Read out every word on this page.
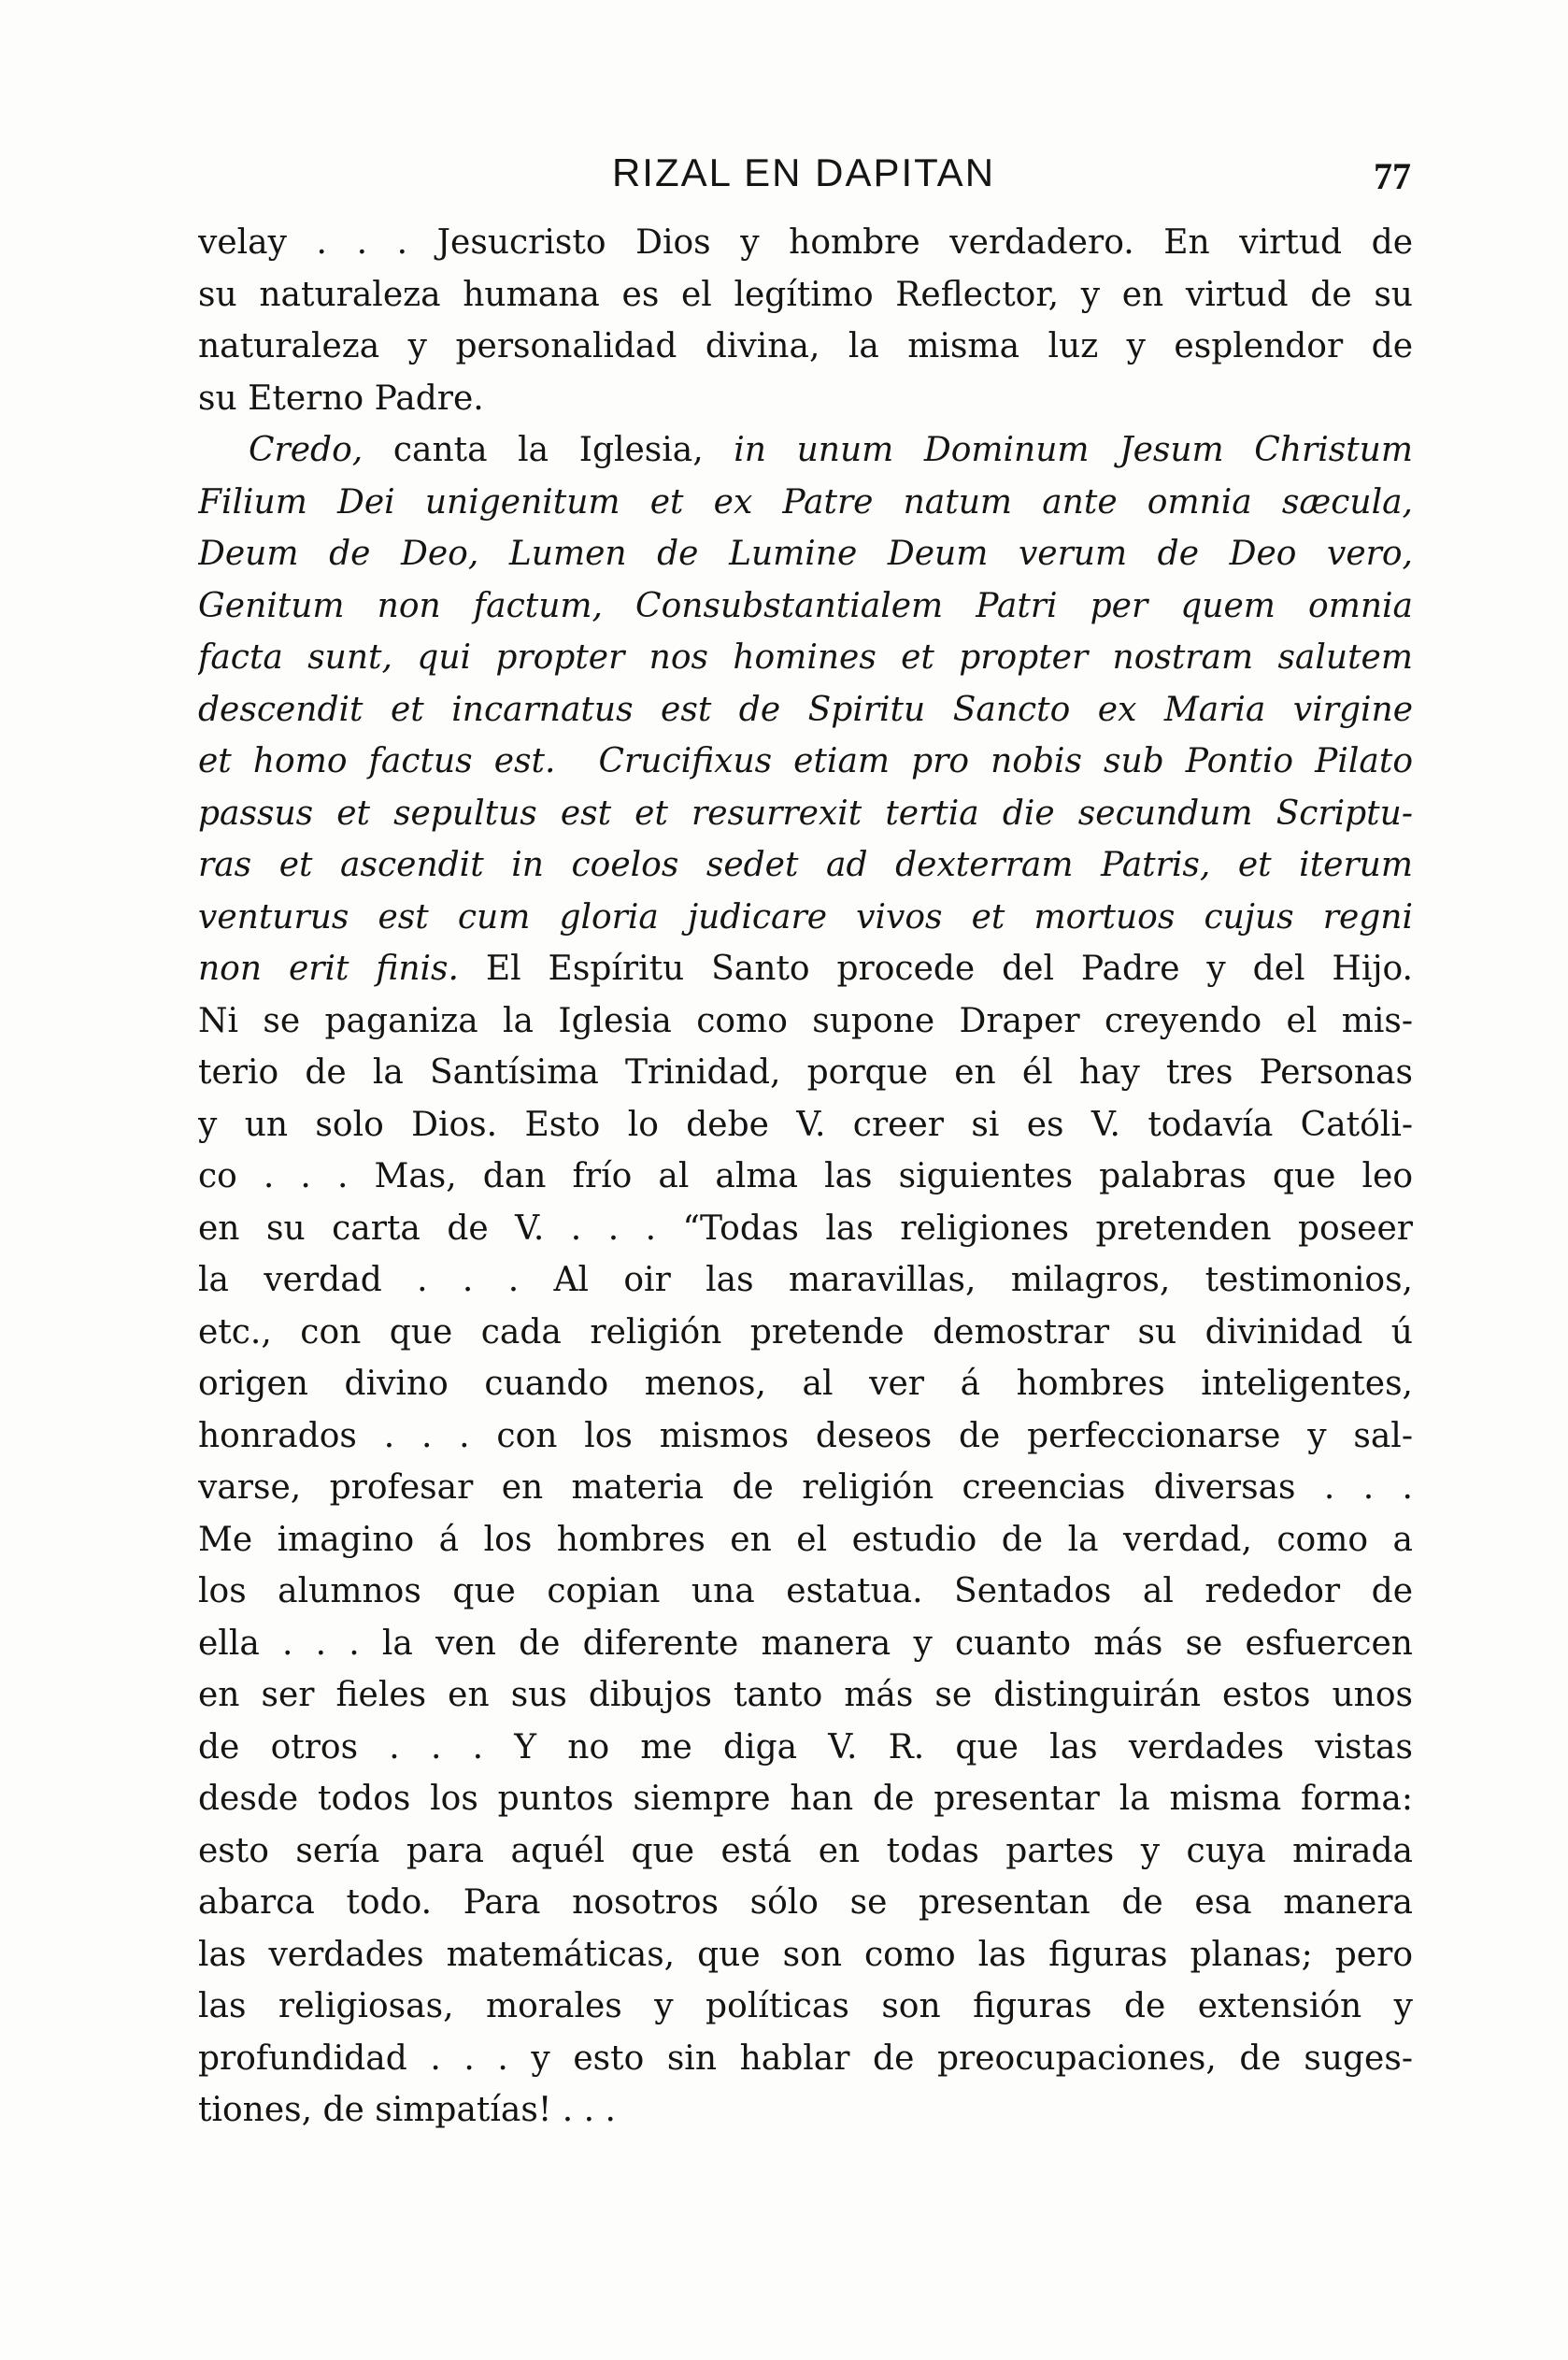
RIZAL EN DAPITAN	77
velay . . . Jesucristo Dios y hombre verdadero. En virtud de
su naturaleza humana es el legítimo Reflector, y en virtud de su
naturaleza y personalidad divina, la misma luz y esplendor de
su Eterno Padre.
Credo, canta la Iglesia, in unum Dominum Jesum Christum
Filium Dei unigenitum et ex Patre natum ante omnia sæcula,
Deum de Deo, Lumen de Lumine Deum verum de Deo vero,
Genitum non factum, Consubstantialem Patri per quem omnia
facta sunt, qui propter nos homines et propter nostram salutem
descendit et incarnatus est de Spiritu Sancto ex Maria virgine
et homo factus est. Crucifixus etiam pro nobis sub Pontio Pilato
passus et sepultus est et resurrexit tertia die secundum Scriptu-
ras et ascendit in coelos sedet ad dexterram Patris, et iterum
venturus est cum gloria judicare vivos et mortuos cujus regni
non erit finis. El Espíritu Santo procede del Padre y del Hijo.
Ni se paganiza la Iglesia como supone Draper creyendo el mis-
terio de la Santísima Trinidad, porque en él hay tres Personas
y un solo Dios. Esto lo debe V. creer si es V. todavía Católi-
co . . . Mas, dan frío al alma las siguientes palabras que leo
en su carta de V. . . . “Todas las religiones pretenden poseer
la verdad . . . Al oir las maravillas, milagros, testimonios,
etc., con que cada religión pretende demostrar su divinidad ú
origen divino cuando menos, al ver á hombres inteligentes,
honrados . . . con los mismos deseos de perfeccionarse y sal-
varse, profesar en materia de religión creencias diversas . . .
Me imagino á los hombres en el estudio de la verdad, como a
los alumnos que copian una estatua. Sentados al rededor de
ella . . . la ven de diferente manera y cuanto más se esfuercen
en ser fieles en sus dibujos tanto más se distinguirán estos unos
de otros . . . Y no me diga V. R. que las verdades vistas
desde todos los puntos siempre han de presentar la misma forma:
esto sería para aquél que está en todas partes y cuya mirada
abarca todo. Para nosotros sólo se presentan de esa manera
las verdades matemáticas, que son como las figuras planas; pero
las religiosas, morales y políticas son figuras de extensión y
profundidad . . . y esto sin hablar de preocupaciones, de suges-
tiones, de simpatías! . . .
